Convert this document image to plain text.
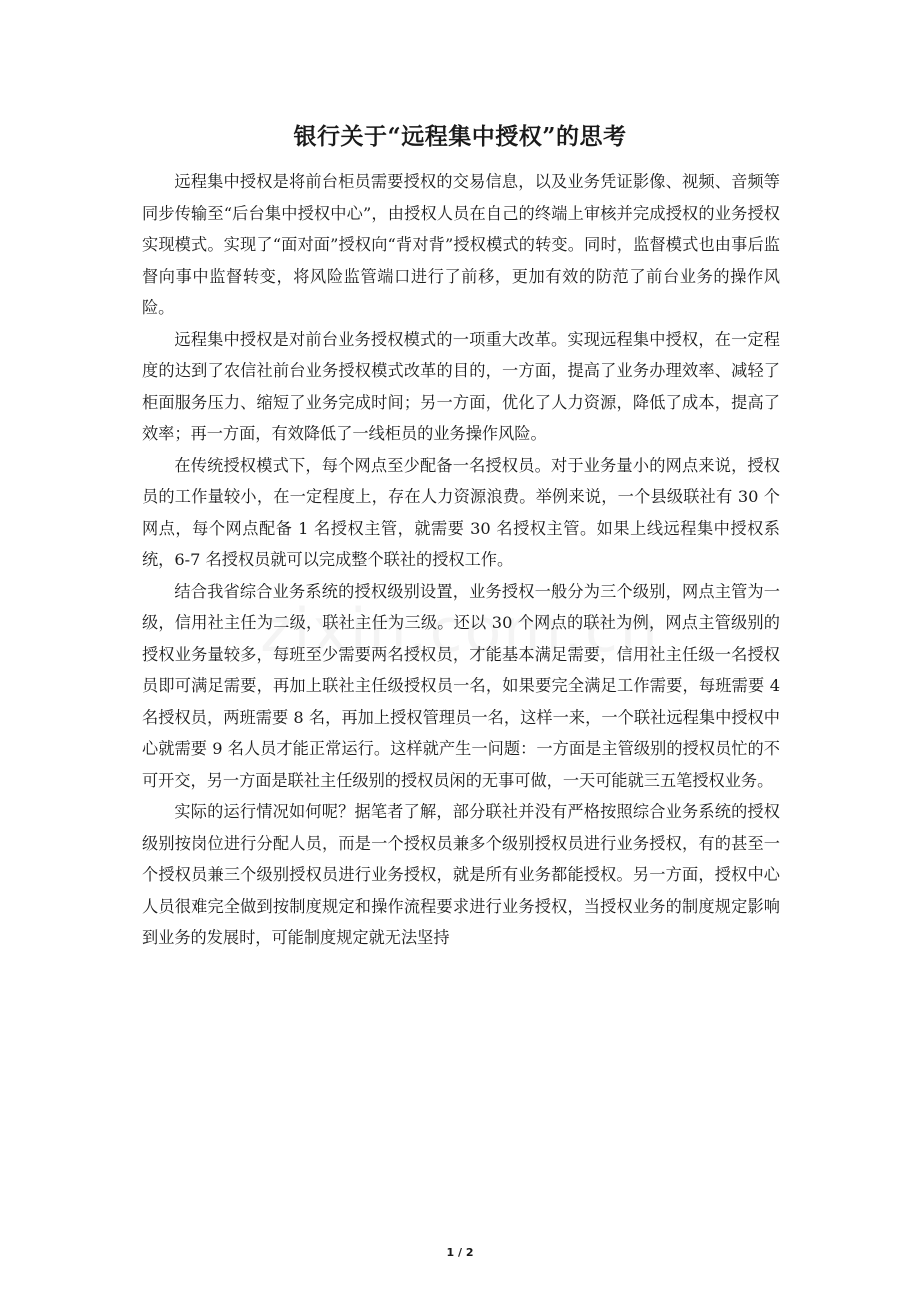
银行关于“远程集中授权”的思考

远程集中授权是将前台柜员需要授权的交易信息，以及业务凭证影像、视频、音频等同步传输至“后台集中授权中心”，由授权人员在自己的终端上审核并完成授权的业务授权实现模式。实现了“面对面”授权向“背对背”授权模式的转变。同时，监督模式也由事后监督向事中监督转变，将风险监管端口进行了前移，更加有效的防范了前台业务的操作风险。

远程集中授权是对前台业务授权模式的一项重大改革。实现远程集中授权，在一定程度的达到了农信社前台业务授权模式改革的目的，一方面，提高了业务办理效率、减轻了柜面服务压力、缩短了业务完成时间；另一方面，优化了人力资源，降低了成本，提高了效率；再一方面，有效降低了一线柜员的业务操作风险。

在传统授权模式下，每个网点至少配备一名授权员。对于业务量小的网点来说，授权员的工作量较小，在一定程度上，存在人力资源浪费。举例来说，一个县级联社有 30 个网点，每个网点配备 1 名授权主管，就需要 30 名授权主管。如果上线远程集中授权系统，6-7 名授权员就可以完成整个联社的授权工作。

结合我省综合业务系统的授权级别设置，业务授权一般分为三个级别，网点主管为一级，信用社主任为二级，联社主任为三级。还以 30 个网点的联社为例，网点主管级别的授权业务量较多，每班至少需要两名授权员，才能基本满足需要，信用社主任级一名授权员即可满足需要，再加上联社主任级授权员一名，如果要完全满足工作需要，每班需要 4 名授权员，两班需要 8 名，再加上授权管理员一名，这样一来，一个联社远程集中授权中心就需要 9 名人员才能正常运行。这样就产生一问题：一方面是主管级别的授权员忙的不可开交，另一方面是联社主任级别的授权员闲的无事可做，一天可能就三五笔授权业务。

实际的运行情况如何呢？据笔者了解，部分联社并没有严格按照综合业务系统的授权级别按岗位进行分配人员，而是一个授权员兼多个级别授权员进行业务授权，有的甚至一个授权员兼三个级别授权员进行业务授权，就是所有业务都能授权。另一方面，授权中心人员很难完全做到按制度规定和操作流程要求进行业务授权，当授权业务的制度规定影响到业务的发展时，可能制度规定就无法坚持

1 / 2
